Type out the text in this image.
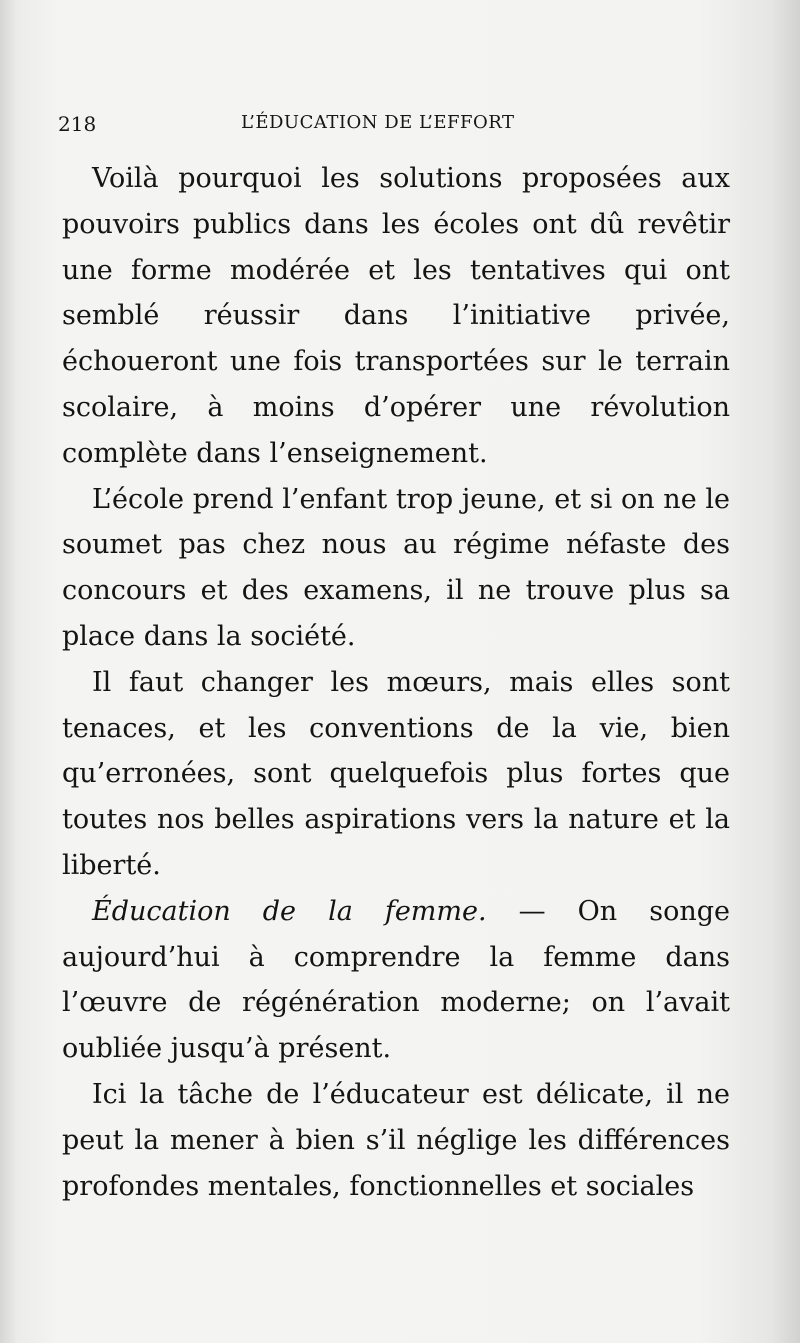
218	L’ÉDUCATION DE L’EFFORT

Voilà pourquoi les solutions proposées aux pouvoirs publics dans les écoles ont dû revêtir une forme modérée et les tentatives qui ont semblé réussir dans l’initiative privée, échoueront une fois transportées sur le terrain scolaire, à moins d’opérer une révolution complète dans l’enseignement.

L’école prend l’enfant trop jeune, et si on ne le soumet pas chez nous au régime néfaste des concours et des examens, il ne trouve plus sa place dans la société.

Il faut changer les mœurs, mais elles sont tenaces, et les conventions de la vie, bien qu’erronées, sont quelquefois plus fortes que toutes nos belles aspirations vers la nature et la liberté.

Éducation de la femme. — On songe aujourd’hui à comprendre la femme dans l’œuvre de régénération moderne; on l’avait oubliée jusqu’à présent.

Ici la tâche de l’éducateur est délicate, il ne peut la mener à bien s’il néglige les différences profondes mentales, fonctionnelles et sociales
